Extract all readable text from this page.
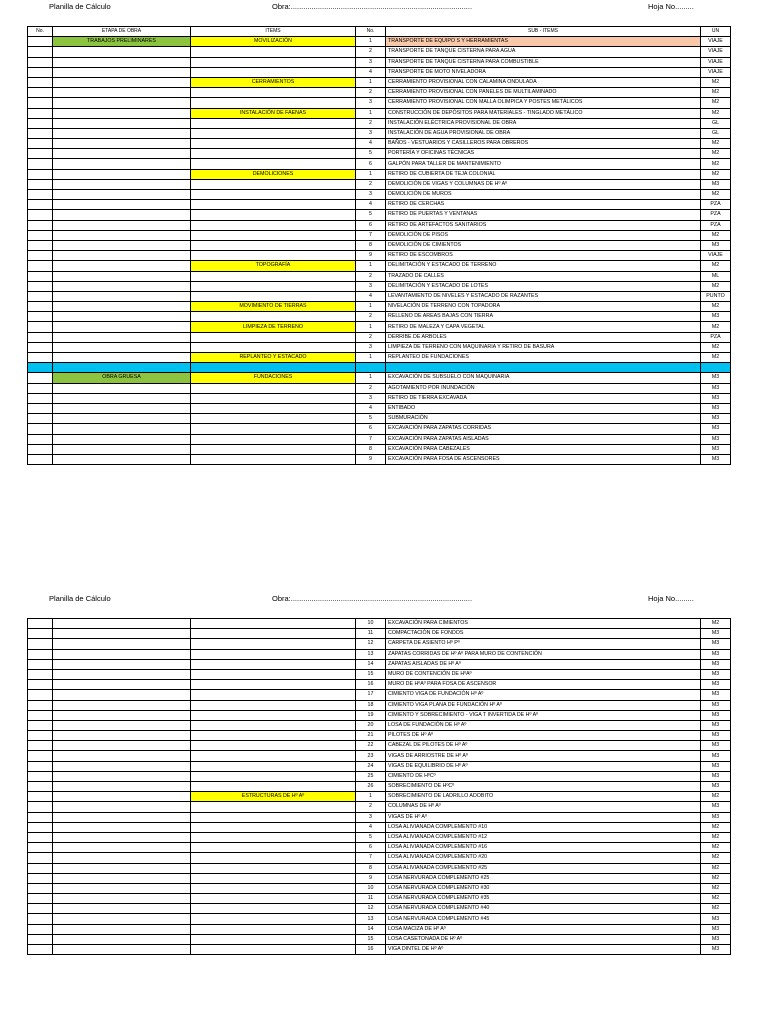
Planilla de Cálculo	Obra:.......................................................................................	Hoja No.........
No.	ETAPA DE OBRA	ITEMS	No.	SUB - ITEMS	UN
	TRABAJOS PRELIMINARES	MOVILIZACIÓN	1	TRANSPORTE DE EQUIPO S Y HERRAMIENTAS	VIAJE
			2	TRANSPORTE DE TANQUE CISTERNA PARA AGUA	VIAJE
			3	TRANSPORTE DE TANQUE CISTERNA PARA COMBUSTIBLE	VIAJE
			4	TRANSPORTE DE MOTO NIVELADORA	VIAJE
		CERRAMIENTOS	1	CERRAMIENTO PROVISIONAL CON CALAMINA ONDULADA	M2
			2	CERRAMIENTO PROVISIONAL CON PANELES DE MULTILAMINADO	M2
			3	CERRAMIENTO PROVISIONAL CON MALLA OLIMPICA Y POSTES METÁLICOS	M2
		INSTALACIÓN DE FAENAS	1	CONSTRUCCIÓN DE DEPÓSITOS PARA MATERIALES - TINGLADO METÁLICO	M2
			2	INSTALACIÓN ELÉCTRICA PROVISIONAL DE OBRA	GL
			3	INSTALACIÓN DE AGUA PROVISIONAL DE OBRA	GL
			4	BAÑOS - VESTUARIOS Y CASILLEROS PARA OBREROS	M2
			5	PORTERÍA Y OFICINAS TÉCNICAS	M2
			6	GALPÓN PARA TALLER DE MANTENIMIENTO	M2
		DEMOLICIONES	1	RETIRO DE CUBIERTA DE TEJA COLONIAL	M2
			2	DEMOLICIÓN DE VIGAS Y COLUMNAS DE Hº Aº	M3
			3	DEMOLICIÓN DE MUROS	M2
			4	RETIRO DE CERCHAS	PZA
			5	RETIRO DE PUERTAS Y VENTANAS	PZA
			6	RETIRO DE ARTEFACTOS SANITARIOS	PZA
			7	DEMOLICIÓN DE PISOS	M2
			8	DEMOLICIÓN DE CIMIENTOS	M3
			9	RETIRO DE ESCOMBROS	VIAJE
		TOPOGRAFÍA	1	DELIMITACIÓN Y ESTACADO DE TERRENO	M2
			2	TRAZADO DE CALLES	ML
			3	DELIMITACIÓN Y ESTACADO DE LOTES	M2
			4	LEVANTAMIENTO DE NIVELES Y ESTACADO DE RAZANTES	PUNTO
		MOVIMIENTO DE TIERRAS	1	NIVELACIÓN DE TERRENO CON TOPADORA	M2
			2	RELLENO DE AREAS BAJAS CON TIERRA	M3
		LIMPIEZA DE TERRENO	1	RETIRO DE MALEZA Y CAPA VEGETAL	M2
			2	DERRIBE DE ARBOLES	PZA
			3	LIMPIEZA DE TERRENO CON MAQUINARIA Y RETIRO DE BASURA	M2
		REPLANTEO Y ESTACADO	1	REPLANTEO DE FUNDACIONES	M2

	OBRA GRUESA	FUNDACIONES	1	EXCAVACIÓN DE SUBSUELO CON MAQUINARIA	M3
			2	AGOTAMIENTO POR INUNDACIÓN	M3
			3	RETIRO DE TIERRA EXCAVADA	M3
			4	ENTIBADO	M3
			5	SUBMURACIÓN	M3
			6	EXCAVACIÓN PARA ZAPATAS CORRIDAS	M3
			7	EXCAVACIÓN PARA ZAPATAS AISLADAS	M3
			8	EXCAVACIÓN PARA CABEZALES	M3
			9	EXCAVACIÓN PARA FOSA DE ASCENSORES	M3
Planilla de Cálculo	Obra:.......................................................................................	Hoja No.........
			10	EXCAVACIÓN PARA CIMIENTOS	M2
			11	COMPACTACIÓN DE FONDOS	M3
			12	CARPETA DE ASIENTO Hº Pº	M3
			13	ZAPATAS CORRIDAS DE Hº Aº PARA MURO DE CONTENCIÓN	M3
			14	ZAPATAS AISLADAS DE Hº Aº	M3
			15	MURO DE CONTENCIÓN DE HºAº	M3
			16	MURO DE HºAº PARA FOSA DE ASCENSOR	M3
			17	CIMIENTO VIGA DE FUNDACIÓN Hº Aº	M3
			18	CIMIENTO VIGA PLANA DE FUNDACIÓN Hº Aº	M3
			19	CIMIENTO Y SOBRECIMIENTO - VIGA T INVERTIDA DE Hº Aº	M3
			20	LOSA DE FUNDACIÓN DE Hº Aº	M3
			21	PILOTES DE Hº Aº	M3
			22	CABEZAL DE PILOTES DE Hº Aº	M3
			23	VIGAS DE ARRIOSTRE DE Hº Aº	M3
			24	VIGAS DE EQUILIBRIO DE Hº Aº	M3
			25	CIMIENTO DE HºCº	M3
			26	SOBRECIMIENTO DE HºCº	M3
		ESTRUCTURAS DE Hº Aº	1	SOBRECIMIENTO DE LADRILLO ADOBITO	M2
			2	COLUMNAS DE Hº Aº	M3
			3	VIGAS DE Hº Aº	M3
			4	LOSA ALIVIANADA COMPLEMENTO #10	M2
			5	LOSA ALIVIANADA COMPLEMENTO #12	M2
			6	LOSA ALIVIANADA COMPLEMENTO #16	M2
			7	LOSA ALIVIANADA COMPLEMENTO #20	M2
			8	LOSA ALIVIANADA COMPLEMENTO #25	M2
			9	LOSA NERVURADA COMPLEMENTO #25	M2
			10	LOSA NERVURADA COMPLEMENTO #30	M2
			11	LOSA NERVURADA COMPLEMENTO #35	M2
			12	LOSA NERVURADA COMPLEMENTO #40	M2
			13	LOSA NERVURADA COMPLEMENTO #45	M3
			14	LOSA MACIZA DE Hº Aº	M3
			15	LOSA CASETONADA DE Hº Aº	M3
			16	VIGA DINTEL DE Hº Aº	M3
